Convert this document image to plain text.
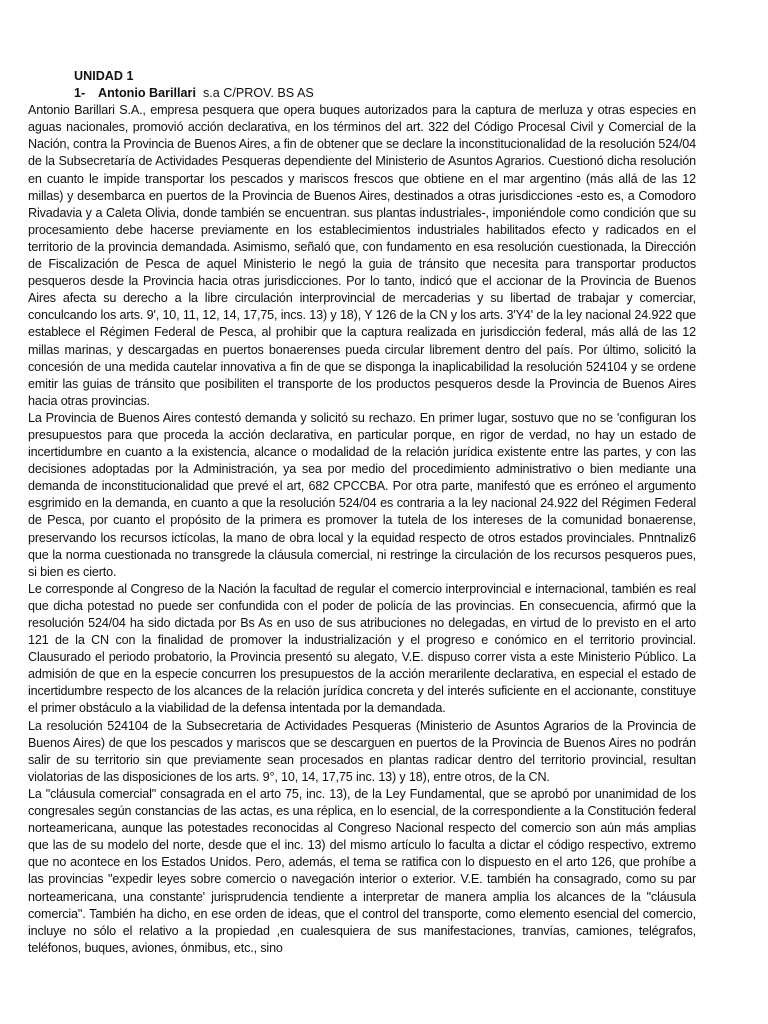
UNIDAD 1

1- Antonio Barillari s.a C/PROV. BS AS

Antonio Barillari S.A., empresa pesquera que opera buques autorizados para la captura de merluza y otras especies en aguas nacionales, promovió acción declarativa, en los términos del art. 322 del Código Procesal Civil y Comercial de la Nación, contra la Provincia de Buenos Aires, a fin de obtener que se declare la inconstitucionalidad de la resolución 524/04 de la Subsecretaría de Actividades Pesqueras dependiente del Ministerio de Asuntos Agrarios. Cuestionó dicha resolución en cuanto le impide transportar los pescados y mariscos frescos que obtiene en el mar argentino (más allá de las 12 millas) y desembarca en puertos de la Provincia de Buenos Aires, destinados a otras jurisdicciones -esto es, a Comodoro Rivadavia y a Caleta Olivia, donde también se encuentran. sus plantas industriales-, imponiéndole como condición que su procesamiento debe hacerse previamente en los establecimientos industriales habilitados efecto y radicados en el territorio de la provincia demandada. Asimismo, señaló que, con fundamento en esa resolución cuestionada, la Dirección de Fiscalización de Pesca de aquel Ministerio le negó la guia de tránsito que necesita para transportar productos pesqueros desde la Provincia hacia otras jurisdicciones. Por lo tanto, indicó que el accionar de la Provincia de Buenos Aires afecta su derecho a la libre circulación interprovincial de mercaderias y su libertad de trabajar y comerciar, conculcando los arts. 9', 10, 11, 12, 14, 17,75, incs. 13) y 18), Y 126 de la CN y los arts. 3'Y4' de la ley nacional 24.922 que establece el Régimen Federal de Pesca, al prohibir que la captura realizada en jurisdicción federal, más allá de las 12 millas marinas, y descargadas en puertos bonaerenses pueda circular librement dentro del país. Por último, solicitó la concesión de una medida cautelar innovativa a fin de que se disponga la inaplicabilidad la resolución 524104 y se ordene emitir las guias de tránsito que posibiliten el transporte de los productos pesqueros desde la Provincia de Buenos Aires hacia otras provincias.

La Provincia de Buenos Aires contestó demanda y solicitó su rechazo. En primer lugar, sostuvo que no se 'configuran los presupuestos para que proceda la acción declarativa, en particular porque, en rigor de verdad, no hay un estado de incertidumbre en cuanto a la existencia, alcance o modalidad de la relación jurídica existente entre las partes, y con las decisiones adoptadas por la Administración, ya sea por medio del procedimiento administrativo o bien mediante una demanda de inconstitucionalidad que prevé el art, 682 CPCCBA. Por otra parte, manifestó que es erróneo el argumento esgrimido en la demanda, en cuanto a que la resolución 524/04 es contraria a la ley nacional 24.922 del Régimen Federal de Pesca, por cuanto el propósito de la primera es promover la tutela de los intereses de la comunidad bonaerense, preservando los recursos ictícolas, la mano de obra local y la equidad respecto de otros estados provinciales. Pnntnaliz6 que la norma cuestionada no transgrede la cláusula comercial, ni restringe la circulación de los recursos pesqueros pues, si bien es cierto.

Le corresponde al Congreso de la Nación la facultad de regular el comercio interprovincial e internacional, también es real que dicha potestad no puede ser confundida con el poder de policía de las provincias. En consecuencia, afirmó que la resolución 524/04 ha sido dictada por Bs As en uso de sus atribuciones no delegadas, en virtud de lo previsto en el arto 121 de la CN con la finalidad de promover la industrialización y el progreso e conómico en el territorio provincial. Clausurado el periodo probatorio, la Provincia presentó su alegato, V.E. dispuso correr vista a este Ministerio Público. La admisión de que en la especie concurren los presupuestos de la acción merarilente declarativa, en especial el estado de incertidumbre respecto de los alcances de la relación jurídica concreta y del interés suficiente en el accionante, constituye el primer obstáculo a la viabilidad de la defensa intentada por la demandada.

La resolución 524104 de la Subsecretaria de Actividades Pesqueras (Ministerio de Asuntos Agrarios de la Provincia de Buenos Aires) de que los pescados y mariscos que se descarguen en puertos de la Provincia de Buenos Aires no podrán salir de su territorio sin que previamente sean procesados en plantas radicar dentro del territorio provincial, resultan violatorias de las disposiciones de los arts. 9°, 10, 14, 17,75 inc. 13) y 18), entre otros, de la CN.

La "cláusula comercial" consagrada en el arto 75, inc. 13), de la Ley Fundamental, que se aprobó por unanimidad de los congresales según constancias de las actas, es una réplica, en lo esencial, de la correspondiente a la Constitución federal norteamericana, aunque las potestades reconocidas al Congreso Nacional respecto del comercio son aún más amplias que las de su modelo del norte, desde que el inc. 13) del mismo artículo lo faculta a dictar el código respectivo, extremo que no acontece en los Estados Unidos. Pero, además, el tema se ratifica con lo dispuesto en el arto 126, que prohíbe a las provincias "expedir leyes sobre comercio o navegación interior o exterior. V.E. también ha consagrado, como su par norteamericana, una constante' jurisprudencia tendiente a interpretar de manera amplia los alcances de la "cláusula comercia". También ha dicho, en ese orden de ideas, que el control del transporte, como elemento esencial del comercio, incluye no sólo el relativo a la propiedad ,en cualesquiera de sus manifestaciones, tranvías, camiones, telégrafos, teléfonos, buques, aviones, ónmibus, etc., sino
